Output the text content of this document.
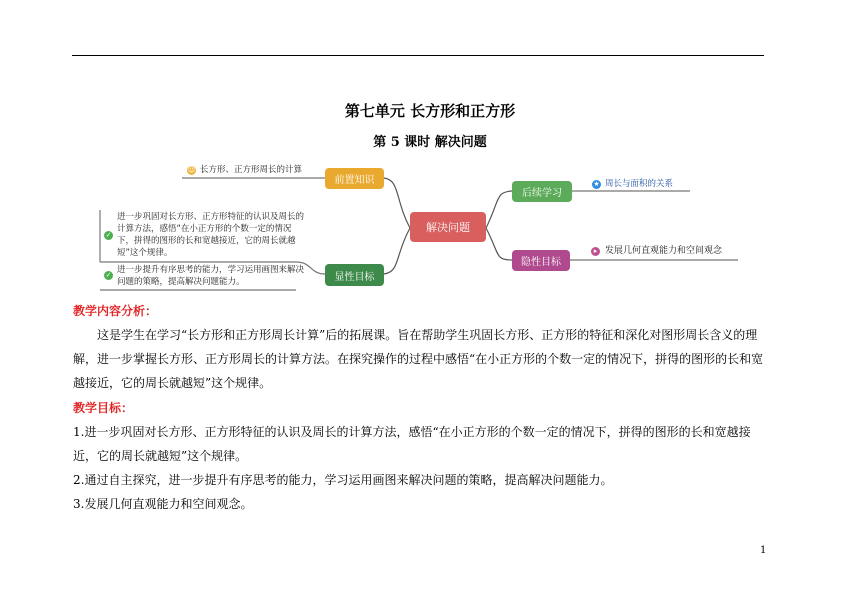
第七单元 长方形和正方形
第 5 课时 解决问题
解决问题
前置知识
后续学习
显性目标
隐性目标
☺ 长方形、正方形周长的计算
★ 周长与面积的关系
▸ 发展几何直观能力和空间观念
✓
进一步巩固对长方形、正方形特征的认识及周长的计算方法，感悟“在小正方形的个数一定的情况下，拼得的图形的长和宽越接近，它的周长就越短”这个规律。
✓ 进一步提升有序思考的能力，学习运用画图来解决问题的策略，提高解决问题能力。
教学内容分析：
这是学生在学习“长方形和正方形周长计算”后的拓展课。旨在帮助学生巩固长方形、正方形的特征和深化对图形周长含义的理解，进一步掌握长方形、正方形周长的计算方法。在探究操作的过程中感悟“在小正方形的个数一定的情况下，拼得的图形的长和宽越接近，它的周长就越短”这个规律。
教学目标：
1.进一步巩固对长方形、正方形特征的认识及周长的计算方法，感悟“在小正方形的个数一定的情况下，拼得的图形的长和宽越接近，它的周长就越短”这个规律。
2.通过自主探究，进一步提升有序思考的能力，学习运用画图来解决问题的策略，提高解决问题能力。
3.发展几何直观能力和空间观念。
1
